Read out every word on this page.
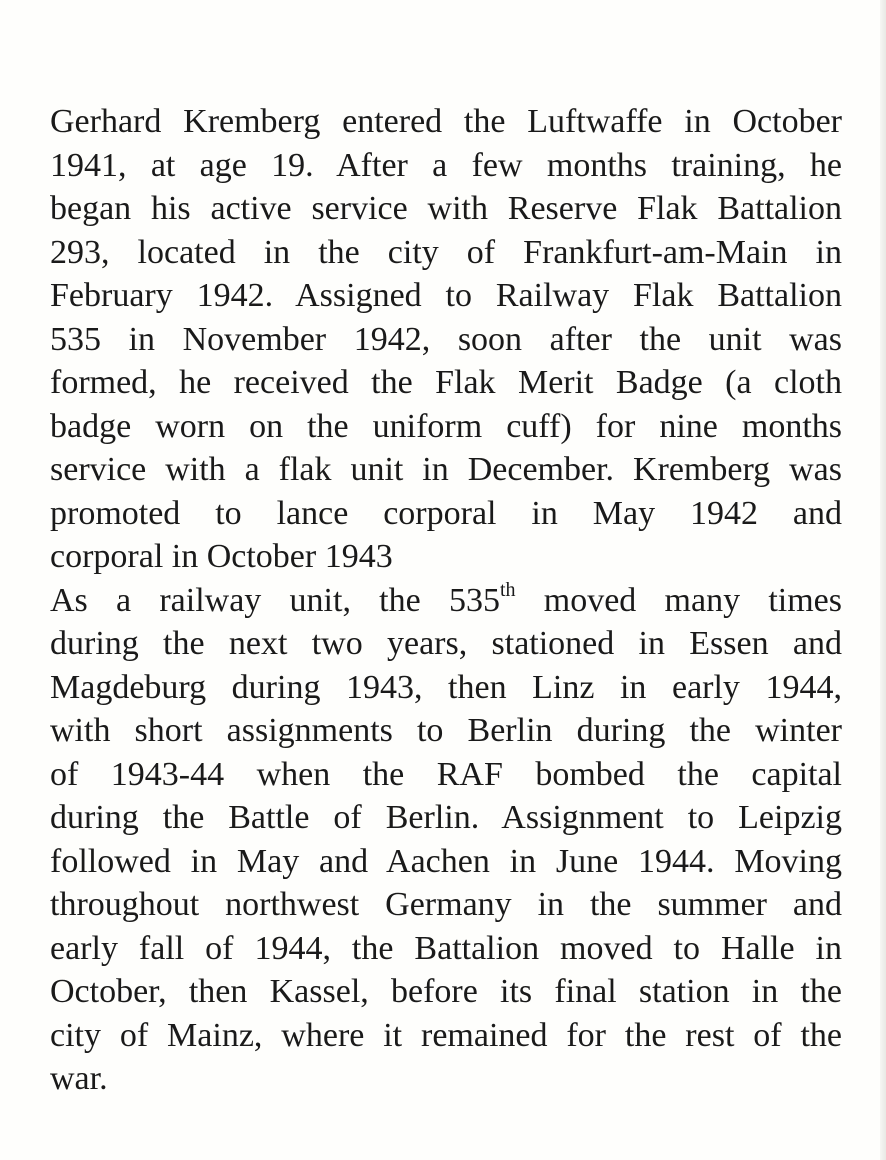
Gerhard Kremberg entered the Luftwaffe in October
1941, at age 19. After a few months training, he
began his active service with Reserve Flak Battalion
293, located in the city of Frankfurt-am-Main in
February 1942. Assigned to Railway Flak Battalion
535 in November 1942, soon after the unit was
formed, he received the Flak Merit Badge (a cloth
badge worn on the uniform cuff) for nine months
service with a flak unit in December. Kremberg was
promoted to lance corporal in May 1942 and
corporal in October 1943
As a railway unit, the 535th moved many times
during the next two years, stationed in Essen and
Magdeburg during 1943, then Linz in early 1944,
with short assignments to Berlin during the winter
of 1943-44 when the RAF bombed the capital
during the Battle of Berlin. Assignment to Leipzig
followed in May and Aachen in June 1944. Moving
throughout northwest Germany in the summer and
early fall of 1944, the Battalion moved to Halle in
October, then Kassel, before its final station in the
city of Mainz, where it remained for the rest of the
war.
